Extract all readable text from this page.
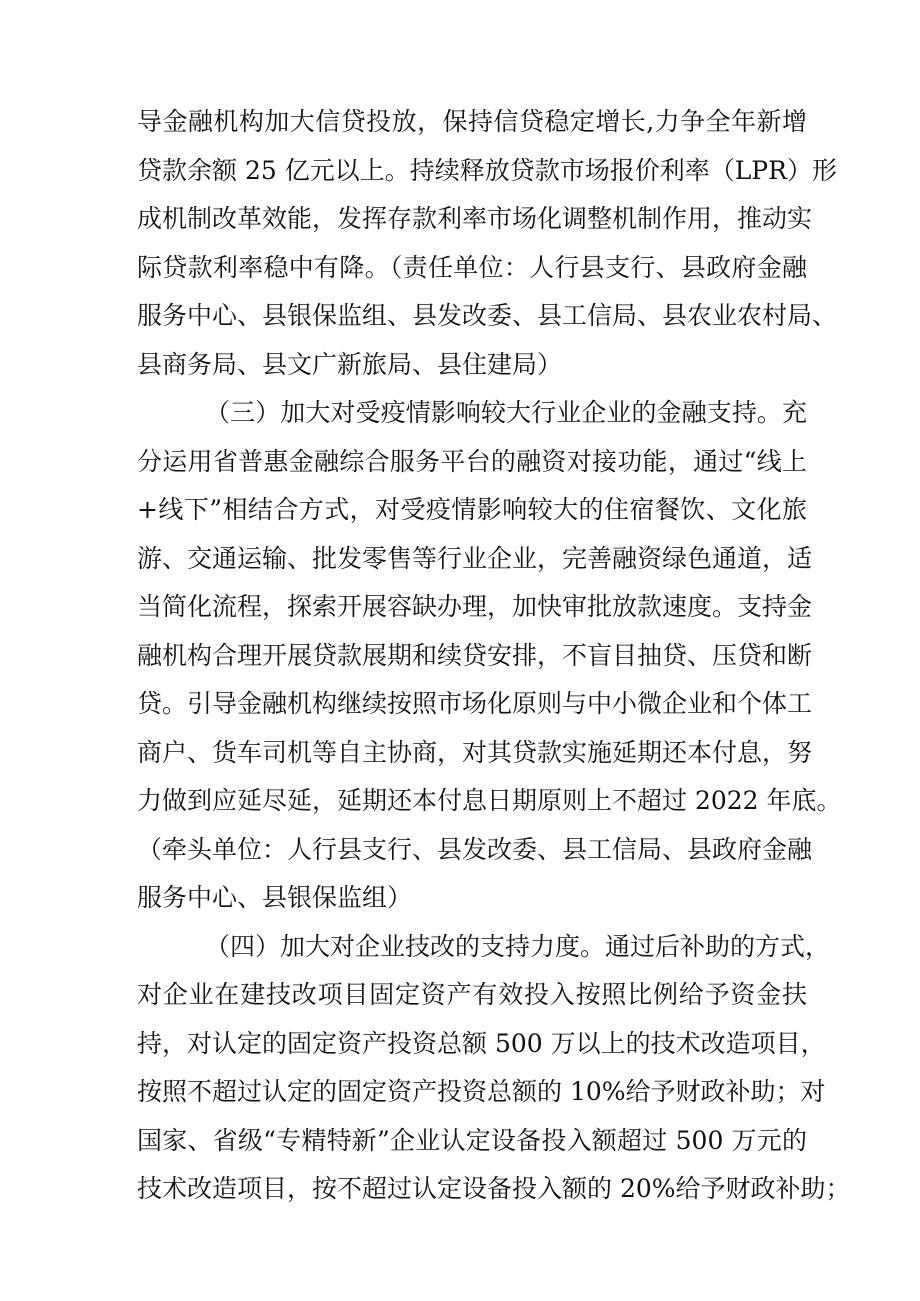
导金融机构加大信贷投放，保持信贷稳定增长,力争全年新增
贷款余额 25 亿元以上。持续释放贷款市场报价利率（LPR）形
成机制改革效能，发挥存款利率市场化调整机制作用，推动实
际贷款利率稳中有降。（责任单位：人行县支行、县政府金融
服务中心、县银保监组、县发改委、县工信局、县农业农村局、
县商务局、县文广新旅局、县住建局）
（三）加大对受疫情影响较大行业企业的金融支持。充
分运用省普惠金融综合服务平台的融资对接功能，通过“线上
+线下”相结合方式，对受疫情影响较大的住宿餐饮、文化旅
游、交通运输、批发零售等行业企业，完善融资绿色通道，适
当简化流程，探索开展容缺办理，加快审批放款速度。支持金
融机构合理开展贷款展期和续贷安排，不盲目抽贷、压贷和断
贷。引导金融机构继续按照市场化原则与中小微企业和个体工
商户、货车司机等自主协商，对其贷款实施延期还本付息，努
力做到应延尽延，延期还本付息日期原则上不超过 2022 年底。
（牵头单位：人行县支行、县发改委、县工信局、县政府金融
服务中心、县银保监组）
（四）加大对企业技改的支持力度。通过后补助的方式，
对企业在建技改项目固定资产有效投入按照比例给予资金扶
持，对认定的固定资产投资总额 500 万以上的技术改造项目，
按照不超过认定的固定资产投资总额的 10%给予财政补助；对
国家、省级“专精特新”企业认定设备投入额超过 500 万元的
技术改造项目，按不超过认定设备投入额的 20%给予财政补助；
